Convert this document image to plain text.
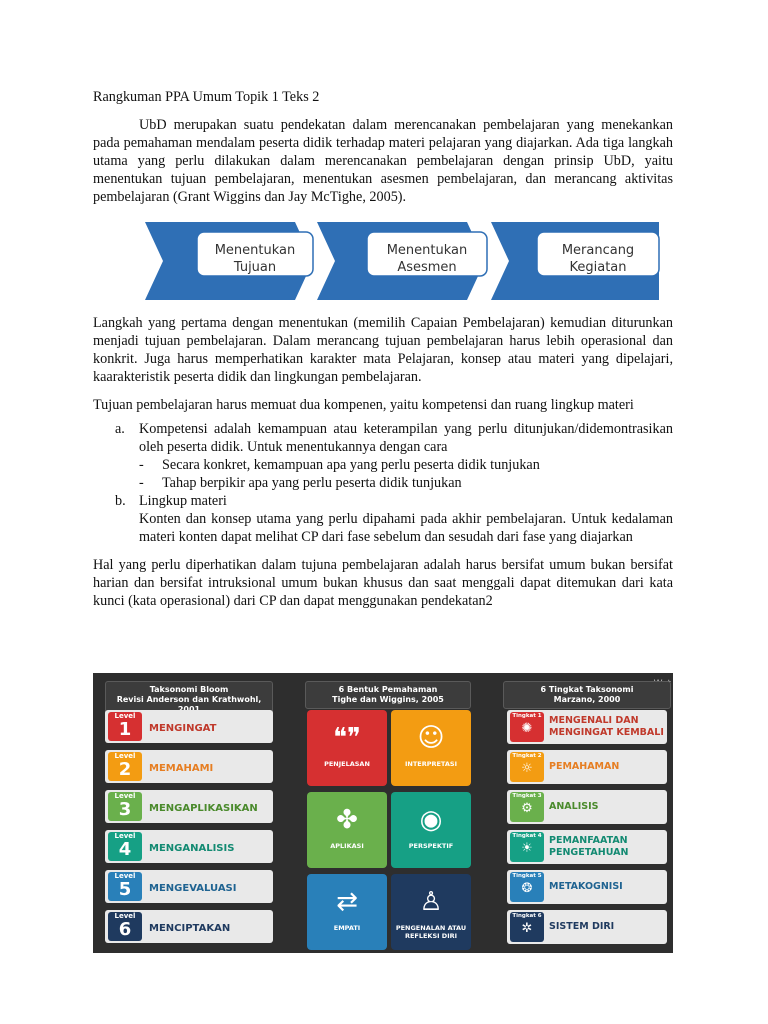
Rangkuman PPA Umum Topik 1 Teks 2

UbD merupakan suatu pendekatan dalam merencanakan pembelajaran yang menekankan pada pemahaman mendalam peserta didik terhadap materi pelajaran yang diajarkan. Ada tiga langkah utama yang perlu dilakukan dalam merencanakan pembelajaran dengan prinsip UbD, yaitu menentukan tujuan pembelajaran, menentukan asesmen pembelajaran, dan merancang aktivitas pembelajaran (Grant Wiggins dan Jay McTighe, 2005).

Menentukan Tujuan
Menentukan Asesmen
Merancang Kegiatan

Langkah yang pertama dengan menentukan (memilih Capaian Pembelajaran) kemudian diturunkan menjadi tujuan pembelajaran. Dalam merancang tujuan pembelajaran harus lebih operasional dan konkrit. Juga harus memperhatikan karakter mata Pelajaran, konsep atau materi yang dipelajari, kaarakteristik peserta didik dan lingkungan pembelajaran.

Tujuan pembelajaran harus memuat dua kompenen, yaitu kompetensi dan ruang lingkup materi

a. Kompetensi adalah kemampuan atau keterampilan yang perlu ditunjukan/didemontrasikan oleh peserta didik. Untuk menentukannya dengan cara
- Secara konkret, kemampuan apa yang perlu peserta didik tunjukan
- Tahap berpikir apa yang perlu peserta didik tunjukan
b. Lingkup materi

Konten dan konsep utama yang perlu dipahami pada akhir pembelajaran. Untuk kedalaman materi konten dapat melihat CP dari fase sebelum dan sesudah dari fase yang diajarkan

Hal yang perlu diperhatikan dalam tujuna pembelajaran adalah harus bersifat umum bukan bersifat harian dan bersifat intruksional umum bukan khusus dan saat menggali dapat ditemukan dari kata kunci (kata operasional) dari CP dan dapat menggunakan pendekatan2

Taksonomi Bloom
Revisi Anderson dan Krathwohl,
Level
1	MENGINGAT
Level
2	MEMAHAMI
Level
3	MENGAPLIKASIKAN
Level
4	MENGANALISIS
Level
5	MENGEVALUASI
Level
6	MENCIPTAKAN
6 Bentuk Pemahaman
Tighe dan Wiggins, 2005
❝❞
PENJELASAN
☺
INTERPRETASI
✤
APLIKASI
◉
PERSPEKTIF
⇄
EMPATI
♙
PENGENALAN ATAU REFLEKSI DIRI
6 Tingkat Taksonomi
Marzano, 2000
Tingkat 1
✺
MENGENALI DAN MENGINGAT KEMBALI
Tingkat 2
☼	PEMAHAMAN
Tingkat 3
⚙	ANALISIS
Tingkat 4
☀
PEMANFAATAN PENGETAHUAN
Tingkat 5
❂	METAKOGNISI
Tingkat 6
✲	SISTEM DIRI
